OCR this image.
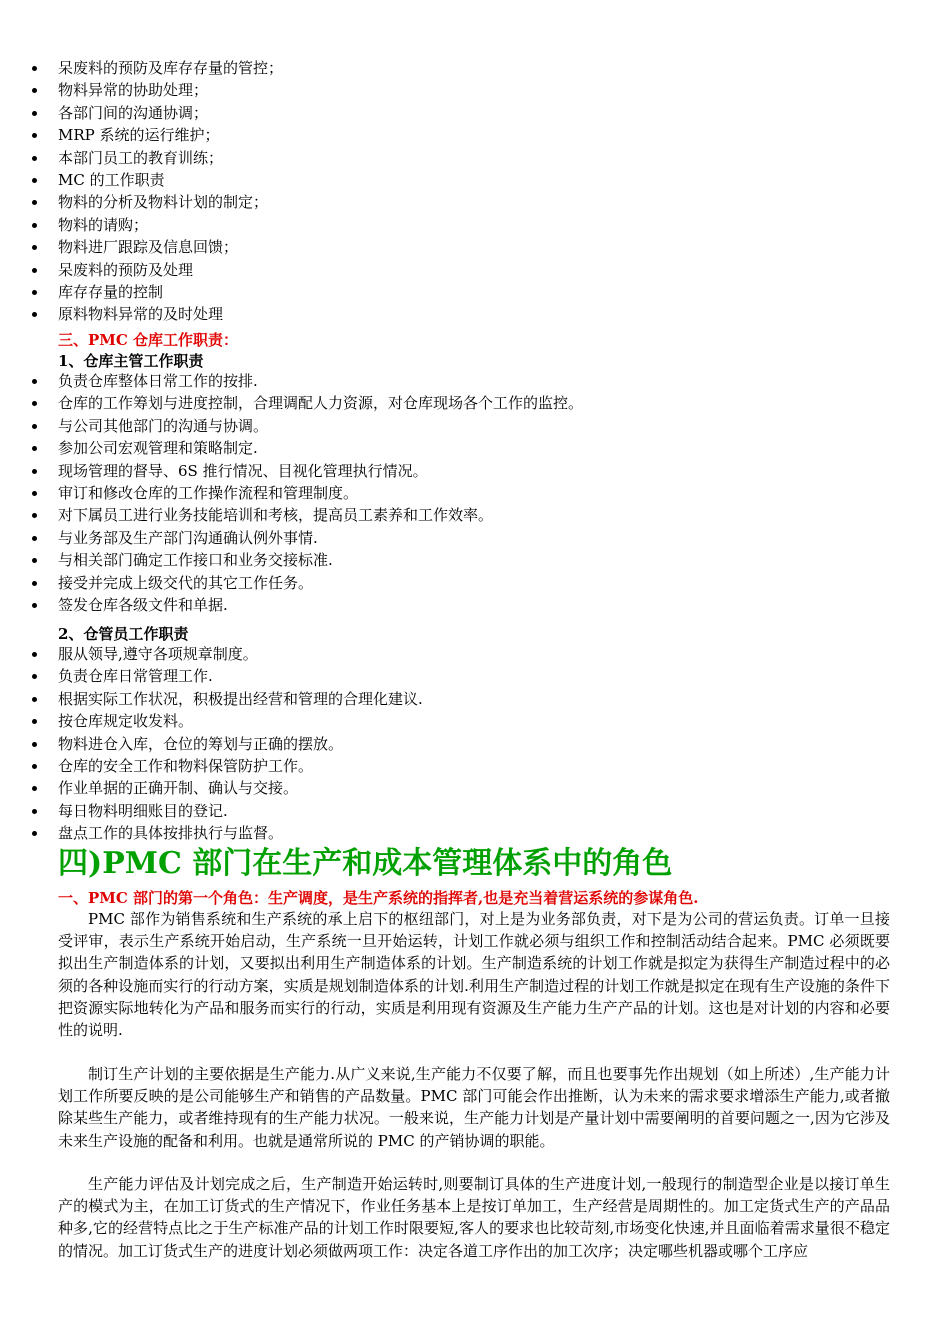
呆废料的预防及库存存量的管控；
物料异常的协助处理；
各部门间的沟通协调；
MRP 系统的运行维护；
本部门员工的教育训练；
MC 的工作职责
物料的分析及物料计划的制定；
物料的请购；
物料进厂跟踪及信息回馈；
呆废料的预防及处理
库存存量的控制
原料物料异常的及时处理
三、PMC 仓库工作职责：
1、仓库主管工作职责
负责仓库整体日常工作的按排.
仓库的工作筹划与进度控制，合理调配人力资源，对仓库现场各个工作的监控。
与公司其他部门的沟通与协调。
参加公司宏观管理和策略制定.
现场管理的督导、6S 推行情况、目视化管理执行情况。
审订和修改仓库的工作操作流程和管理制度。
对下属员工进行业务技能培训和考核，提高员工素养和工作效率。
与业务部及生产部门沟通确认例外事情.
与相关部门确定工作接口和业务交接标准.
接受并完成上级交代的其它工作任务。
签发仓库各级文件和单据.
2、仓管员工作职责
服从领导,遵守各项规章制度。
负责仓库日常管理工作.
根据实际工作状况，积极提出经营和管理的合理化建议.
按仓库规定收发料。
物料进仓入库，仓位的筹划与正确的摆放。
仓库的安全工作和物料保管防护工作。
作业单据的正确开制、确认与交接。
每日物料明细账目的登记.
盘点工作的具体按排执行与监督。
四)PMC 部门在生产和成本管理体系中的角色
一、PMC 部门的第一个角色：生产调度，是生产系统的指挥者,也是充当着营运系统的参谋角色.

PMC 部作为销售系统和生产系统的承上启下的枢纽部门，对上是为业务部负责，对下是为公司的营运负责。订单一旦接受评审，表示生产系统开始启动，生产系统一旦开始运转，计划工作就必须与组织工作和控制活动结合起来。PMC 必须既要拟出生产制造体系的计划，又要拟出利用生产制造体系的计划。生产制造系统的计划工作就是拟定为获得生产制造过程中的必须的各种设施而实行的行动方案，实质是规划制造体系的计划.利用生产制造过程的计划工作就是拟定在现有生产设施的条件下把资源实际地转化为产品和服务而实行的行动，实质是利用现有资源及生产能力生产产品的计划。这也是对计划的内容和必要性的说明.

制订生产计划的主要依据是生产能力.从广义来说,生产能力不仅要了解，而且也要事先作出规划（如上所述）,生产能力计划工作所要反映的是公司能够生产和销售的产品数量。PMC 部门可能会作出推断，认为未来的需求要求增添生产能力,或者撤除某些生产能力，或者维持现有的生产能力状况。一般来说，生产能力计划是产量计划中需要阐明的首要问题之一,因为它涉及未来生产设施的配备和利用。也就是通常所说的 PMC 的产销协调的职能。

生产能力评估及计划完成之后，生产制造开始运转时,则要制订具体的生产进度计划,一般现行的制造型企业是以接订单生产的模式为主，在加工订货式的生产情况下，作业任务基本上是按订单加工，生产经营是周期性的。加工定货式生产的产品品种多,它的经营特点比之于生产标准产品的计划工作时限要短,客人的要求也比较苛刻,市场变化快速,并且面临着需求量很不稳定的情况。加工订货式生产的进度计划必须做两项工作：决定各道工序作出的加工次序；决定哪些机器或哪个工序应
